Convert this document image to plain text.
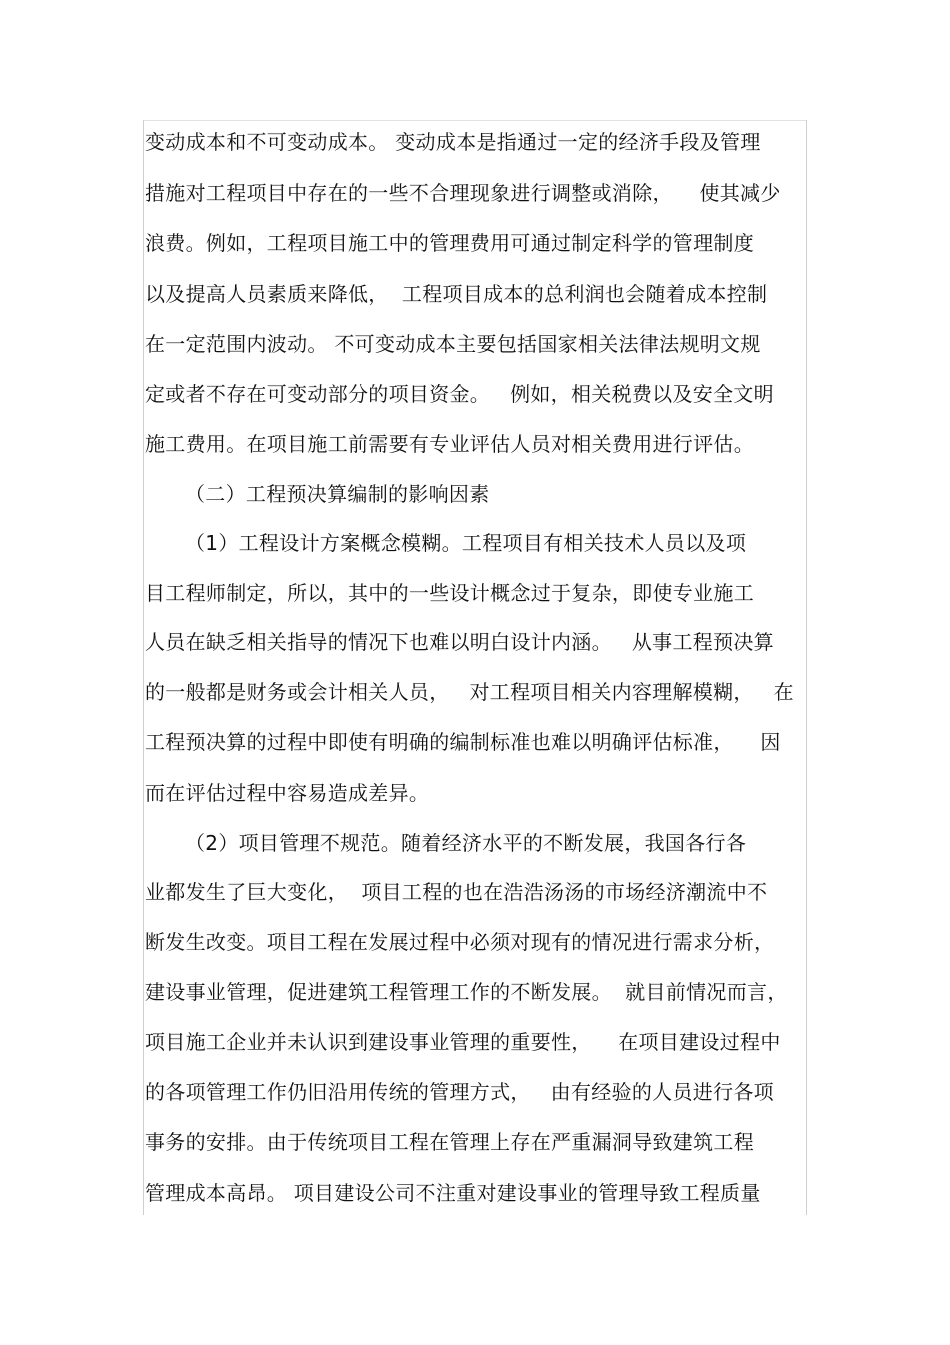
变动成本和不可变动成本。 变动成本是指通过一定的经济手段及管理
措施对工程项目中存在的一些不合理现象进行调整或消除，    使其减少
浪费。例如，工程项目施工中的管理费用可通过制定科学的管理制度
以及提高人员素质来降低，  工程项目成本的总利润也会随着成本控制
在一定范围内波动。 不可变动成本主要包括国家相关法律法规明文规
定或者不存在可变动部分的项目资金。   例如，相关税费以及安全文明
施工费用。在项目施工前需要有专业评估人员对相关费用进行评估。
（二）工程预决算编制的影响因素
（1）工程设计方案概念模糊。工程项目有相关技术人员以及项
目工程师制定，所以，其中的一些设计概念过于复杂，即使专业施工
人员在缺乏相关指导的情况下也难以明白设计内涵。   从事工程预决算
的一般都是财务或会计相关人员，   对工程项目相关内容理解模糊，   在
工程预决算的过程中即使有明确的编制标准也难以明确评估标准，    因
而在评估过程中容易造成差异。
（2）项目管理不规范。随着经济水平的不断发展，我国各行各
业都发生了巨大变化，  项目工程的也在浩浩汤汤的市场经济潮流中不
断发生改变。项目工程在发展过程中必须对现有的情况进行需求分析，
建设事业管理，促进建筑工程管理工作的不断发展。  就目前情况而言，
项目施工企业并未认识到建设事业管理的重要性，    在项目建设过程中
的各项管理工作仍旧沿用传统的管理方式，   由有经验的人员进行各项
事务的安排。由于传统项目工程在管理上存在严重漏洞导致建筑工程
管理成本高昂。 项目建设公司不注重对建设事业的管理导致工程质量
